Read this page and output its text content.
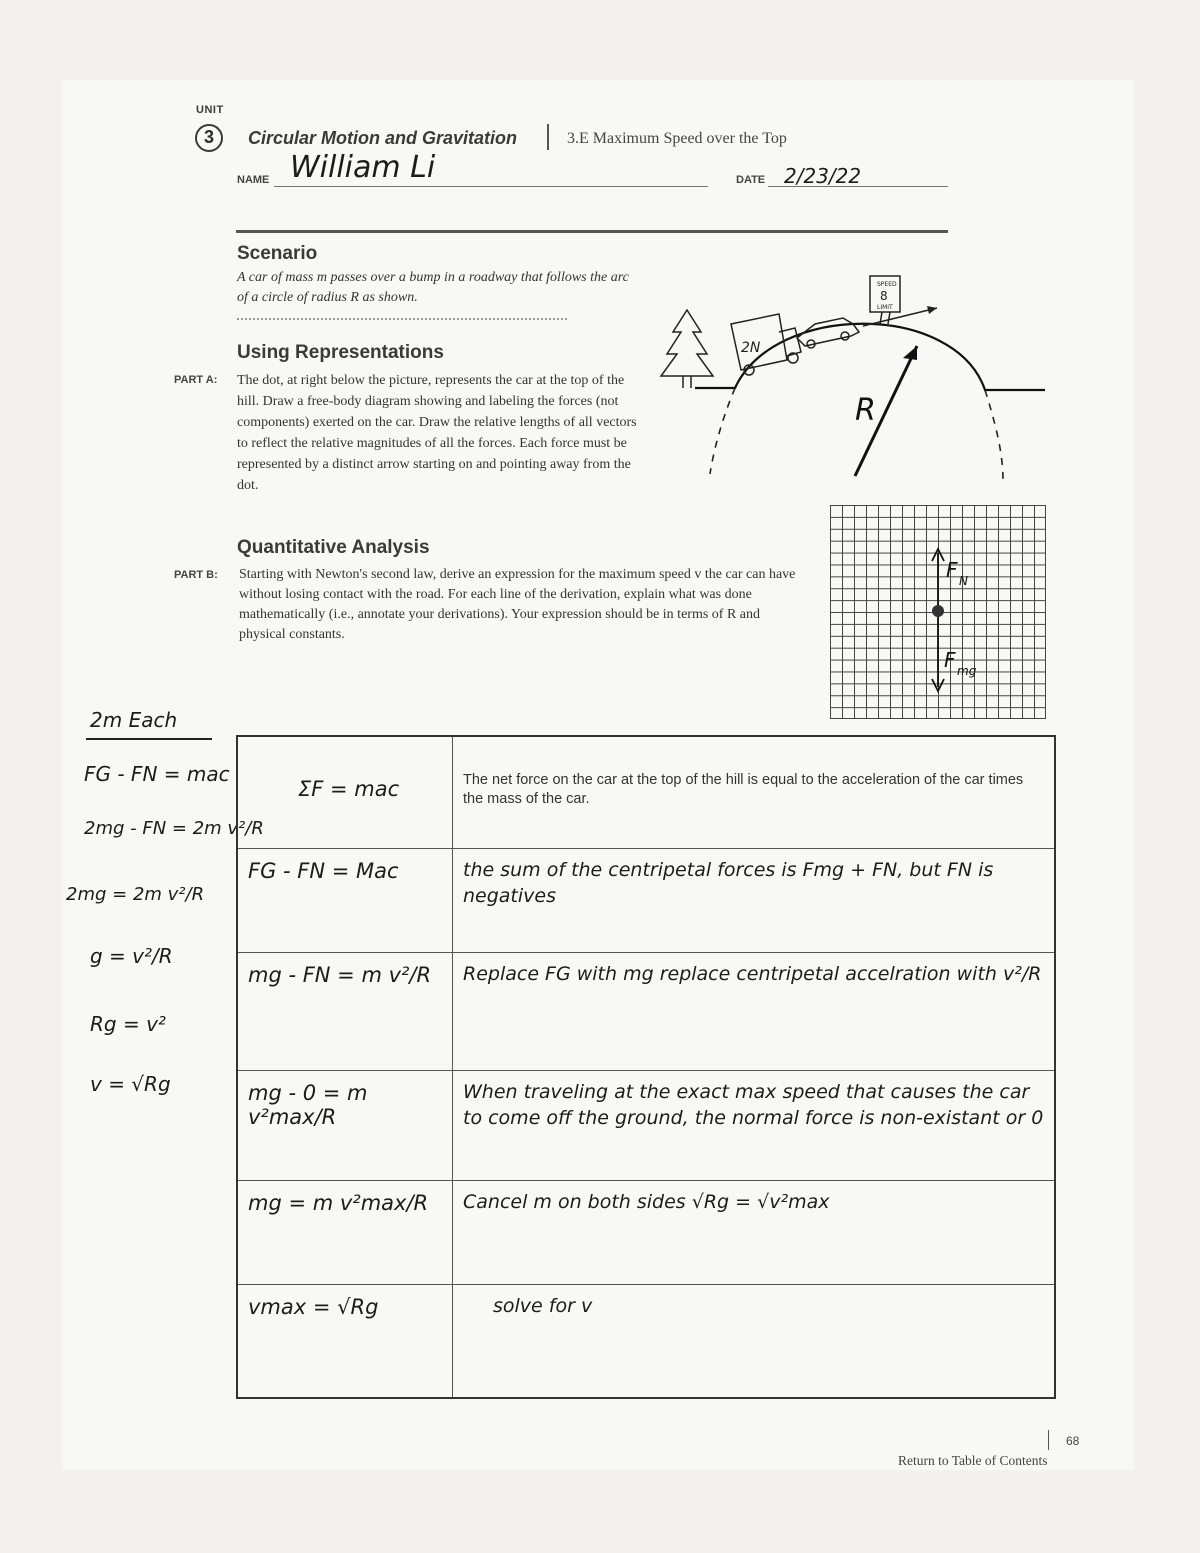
UNIT
3	Circular Motion and Gravitation	3.E Maximum Speed over the Top
NAME William Li	DATE 2/23/22
Scenario
A car of mass m passes over a bump in a roadway that follows the arc of a circle of radius R as shown.
R
2N
SPEED
8
LIMIT
Using Representations
PART A: The dot, at right below the picture, represents the car at the top of the hill. Draw a free-body diagram showing and labeling the forces (not components) exerted on the car. Draw the relative lengths of all vectors to reflect the relative magnitudes of all the forces. Each force must be represented by a distinct arrow starting on and pointing away from the dot.
F N
F mg
Quantitative Analysis
PART B: Starting with Newton's second law, derive an expression for the maximum speed v the car can have without losing contact with the road. For each line of the derivation, explain what was done mathematically (i.e., annotate your derivations). Your expression should be in terms of R and physical constants.
2m Each
FG - FN = mac
2mg - FN = 2m v²/R
2mg = 2m v²/R
g = v²/R
Rg = v²
v = √Rg
ΣF = mac	The net force on the car at the top of the hill is equal to the acceleration of the car times the mass of the car.

FG - FN = Mac	the sum of the centripetal forces is Fmg + FN, but FN is negatives

mg - FN = m v²/R	Replace FG with mg replace centripetal accelration with v²/R

mg - 0 = m v²max/R	When traveling at the exact max speed that causes the car to come off the ground, the normal force is non-existant or 0

mg = m v²max/R	Cancel m on both sides √Rg = √v²max

vmax = √Rg	solve for v
68
Return to Table of Contents
